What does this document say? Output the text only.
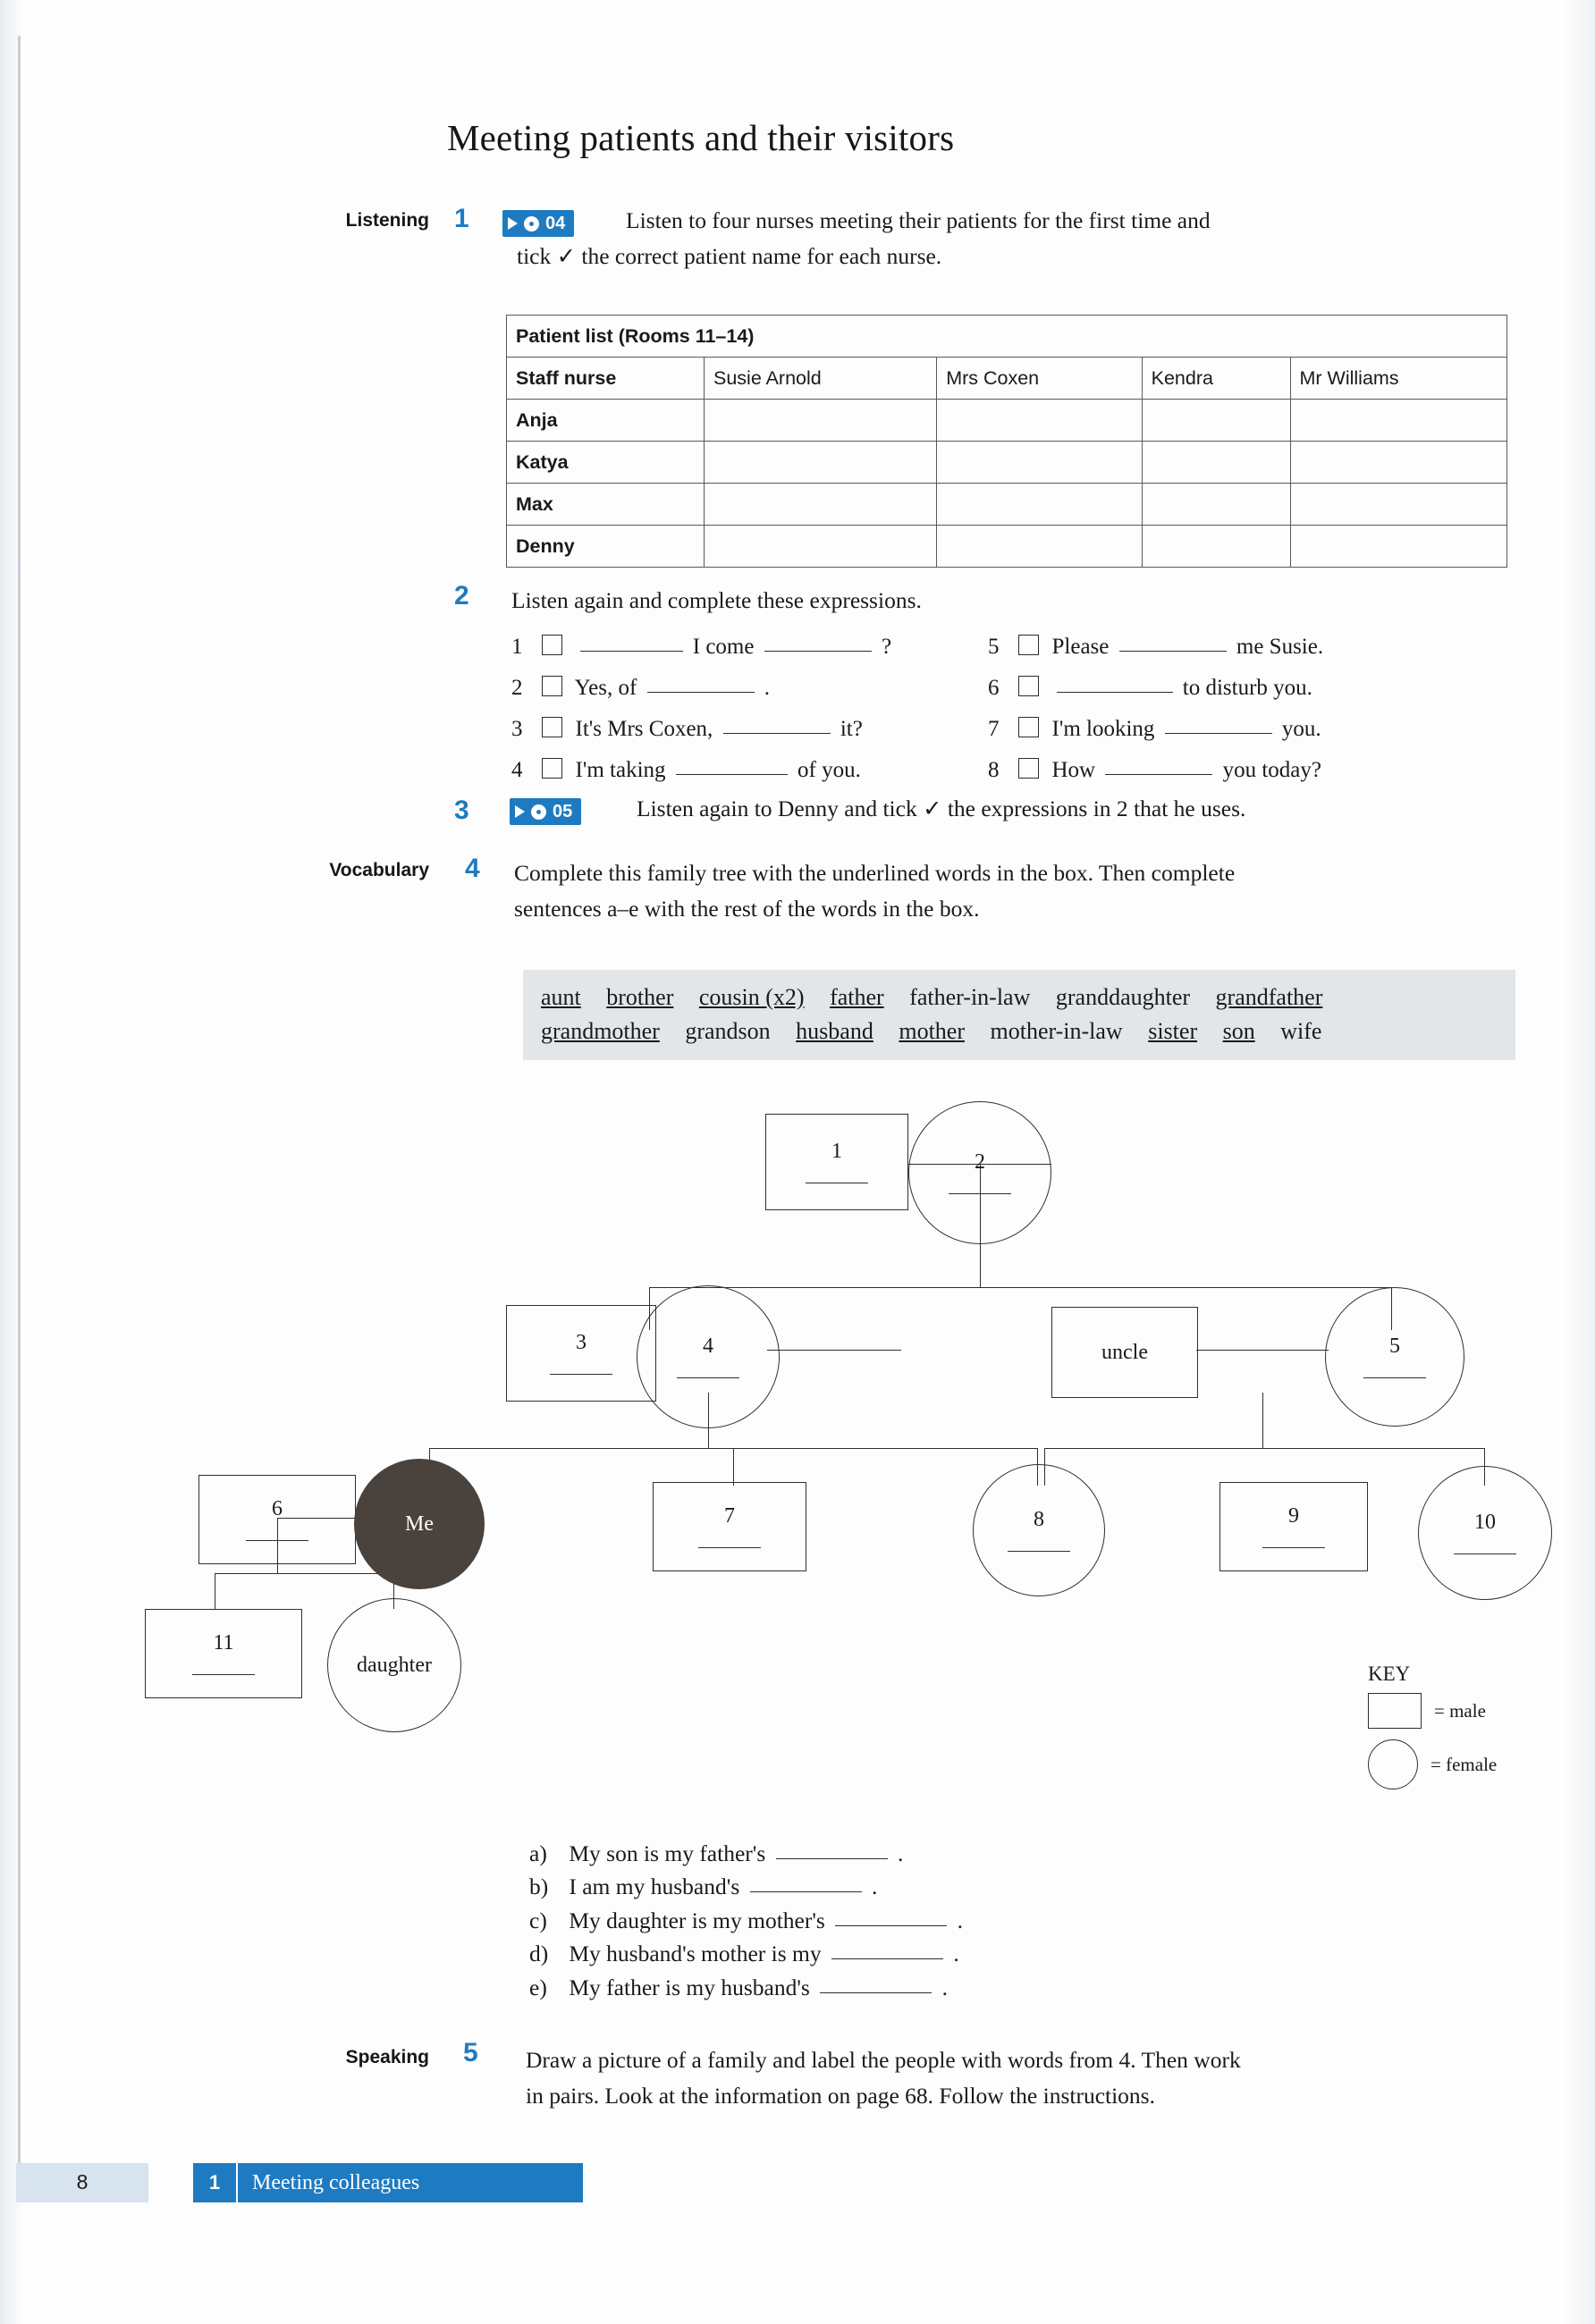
Meeting patients and their visitors
Listening 1	04	Listen to four nurses meeting their patients for the first time and
tick ✓ the correct patient name for each nurse.
Patient list (Rooms 11–14)				
Staff nurse	Susie Arnold	Mrs Coxen	Kendra	Mr Williams
Anja				
Katya				
Max				
Denny				
2 Listen again and complete these expressions.
1	I come	?
2 Yes, of	.
3 It's Mrs Coxen,	it?
4 I'm taking	of you.
5 Please	me Susie.
6	to disturb you.
7 I'm looking	you.
8 How	you today?
3	05	Listen again to Denny and tick ✓ the expressions in 2 that he uses.
Vocabulary 4 Complete this family tree with the underlined words in the box. Then complete
sentences a–e with the rest of the words in the box.
aunt brother cousin (x2) father father-in-law granddaughter grandfather
grandmother grandson husband mother mother-in-law sister son wife
1	2
3	4	uncle	5
6
Me	7	8	9	10
11
daughter	KEY
= male
= female
a) My son is my father's	.
b) I am my husband's	.
c) My daughter is my mother's	.
d) My husband's mother is my	.
e) My father is my husband's	.
Speaking 5 Draw a picture of a family and label the people with words from 4. Then work
in pairs. Look at the information on page 68. Follow the instructions.
8	1	Meeting colleagues
